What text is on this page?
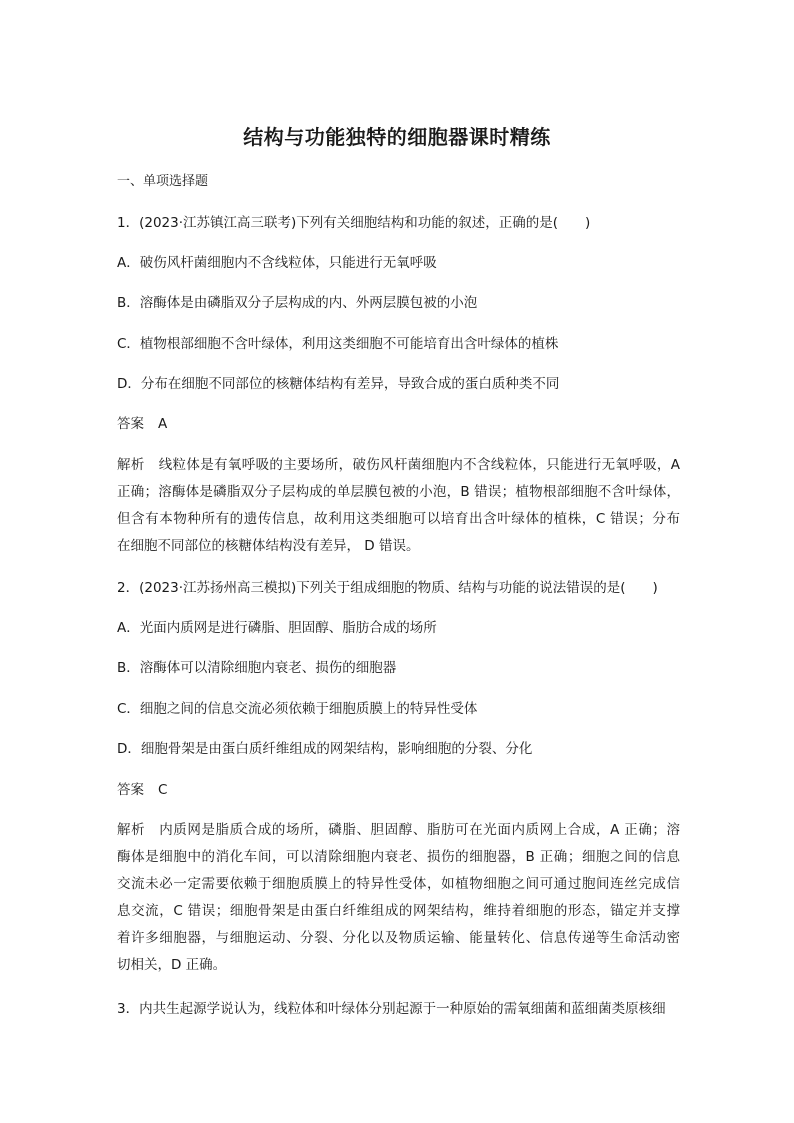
结构与功能独特的细胞器课时精练
一、单项选择题
1．(2023·江苏镇江高三联考)下列有关细胞结构和功能的叙述，正确的是(　　)
A．破伤风杆菌细胞内不含线粒体，只能进行无氧呼吸
B．溶酶体是由磷脂双分子层构成的内、外两层膜包被的小泡
C．植物根部细胞不含叶绿体，利用这类细胞不可能培育出含叶绿体的植株
D．分布在细胞不同部位的核糖体结构有差异，导致合成的蛋白质种类不同
答案 A
解析 线粒体是有氧呼吸的主要场所，破伤风杆菌细胞内不含线粒体，只能进行无氧呼吸，A
正确；溶酶体是磷脂双分子层构成的单层膜包被的小泡，B 错误；植物根部细胞不含叶绿体，
但含有本物种所有的遗传信息，故利用这类细胞可以培育出含叶绿体的植株，C 错误；分布
在细胞不同部位的核糖体结构没有差异， D 错误。
2．(2023·江苏扬州高三模拟)下列关于组成细胞的物质、结构与功能的说法错误的是(　　)
A．光面内质网是进行磷脂、胆固醇、脂肪合成的场所
B．溶酶体可以清除细胞内衰老、损伤的细胞器
C．细胞之间的信息交流必须依赖于细胞质膜上的特异性受体
D．细胞骨架是由蛋白质纤维组成的网架结构，影响细胞的分裂、分化
答案 C
解析 内质网是脂质合成的场所，磷脂、胆固醇、脂肪可在光面内质网上合成，A 正确；溶
酶体是细胞中的消化车间，可以清除细胞内衰老、损伤的细胞器，B 正确；细胞之间的信息
交流未必一定需要依赖于细胞质膜上的特异性受体，如植物细胞之间可通过胞间连丝完成信
息交流，C 错误；细胞骨架是由蛋白纤维组成的网架结构，维持着细胞的形态，锚定并支撑
着许多细胞器，与细胞运动、分裂、分化以及物质运输、能量转化、信息传递等生命活动密
切相关，D 正确。
3．内共生起源学说认为，线粒体和叶绿体分别起源于一种原始的需氧细菌和蓝细菌类原核细
